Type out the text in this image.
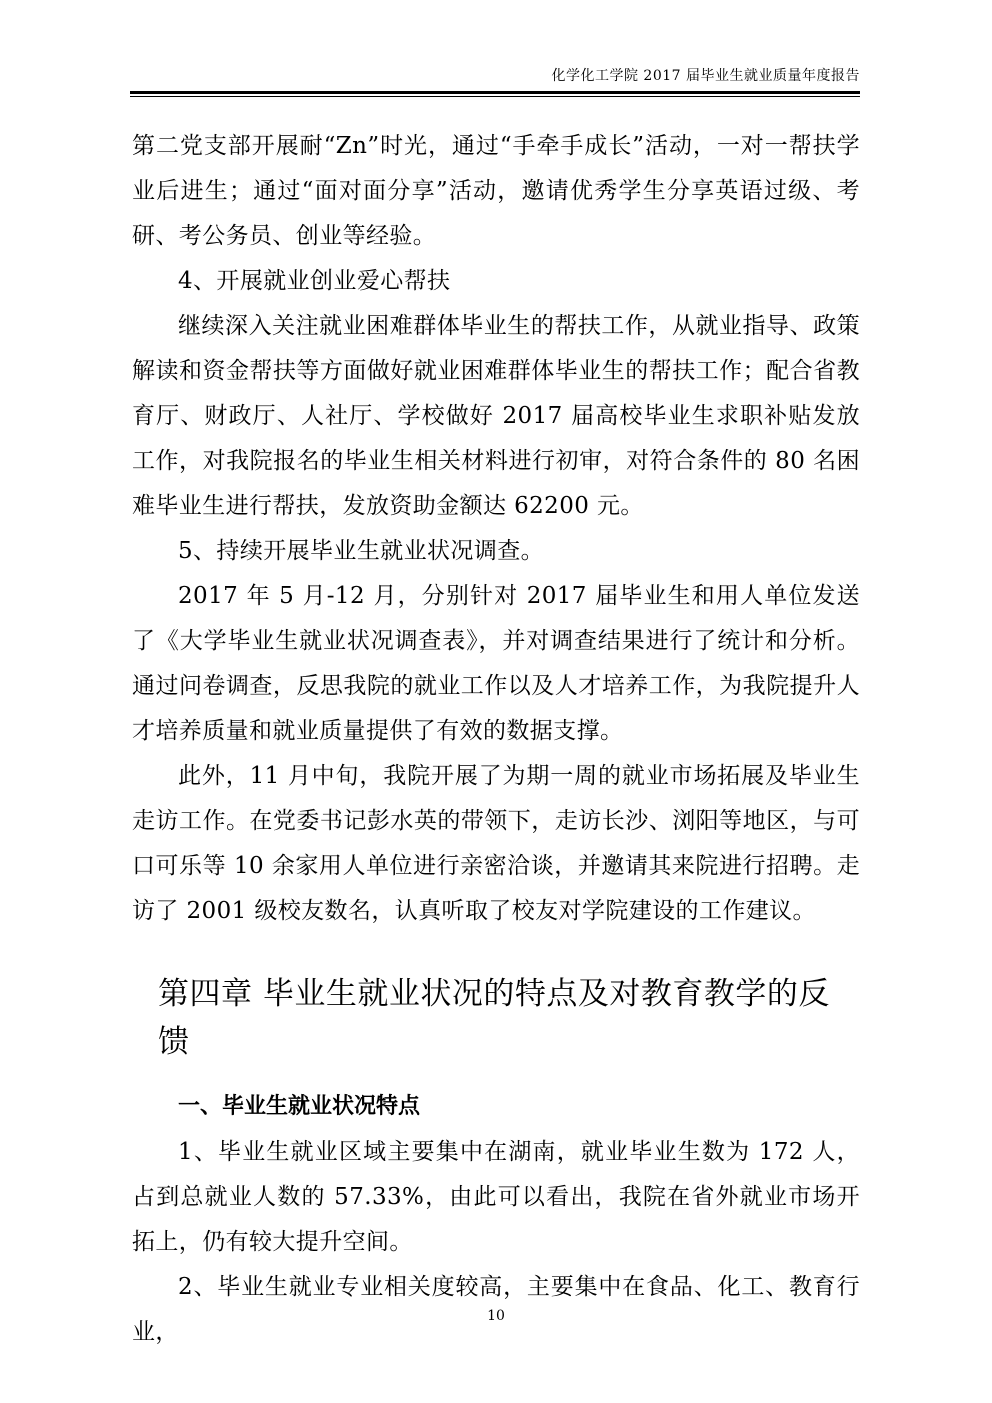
化学化工学院 2017 届毕业生就业质量年度报告

第二党支部开展耐“Zn”时光，通过“手牵手成长”活动，一对一帮扶学业后进生；通过“面对面分享”活动，邀请优秀学生分享英语过级、考研、考公务员、创业等经验。

4、开展就业创业爱心帮扶

继续深入关注就业困难群体毕业生的帮扶工作，从就业指导、政策解读和资金帮扶等方面做好就业困难群体毕业生的帮扶工作；配合省教育厅、财政厅、人社厅、学校做好 2017 届高校毕业生求职补贴发放工作，对我院报名的毕业生相关材料进行初审，对符合条件的 80 名困难毕业生进行帮扶，发放资助金额达 62200 元。

5、持续开展毕业生就业状况调查。

2017 年 5 月-12 月，分别针对 2017 届毕业生和用人单位发送了《大学毕业生就业状况调查表》，并对调查结果进行了统计和分析。通过问卷调查，反思我院的就业工作以及人才培养工作，为我院提升人才培养质量和就业质量提供了有效的数据支撑。

此外，11 月中旬，我院开展了为期一周的就业市场拓展及毕业生走访工作。在党委书记彭水英的带领下，走访长沙、浏阳等地区，与可口可乐等 10 余家用人单位进行亲密洽谈，并邀请其来院进行招聘。走访了 2001 级校友数名，认真听取了校友对学院建设的工作建议。

第四章 毕业生就业状况的特点及对教育教学的反馈
一、毕业生就业状况特点

1、毕业生就业区域主要集中在湖南，就业毕业生数为 172 人，占到总就业人数的 57.33%，由此可以看出，我院在省外就业市场开拓上，仍有较大提升空间。

2、毕业生就业专业相关度较高，主要集中在食品、化工、教育行业，

10
